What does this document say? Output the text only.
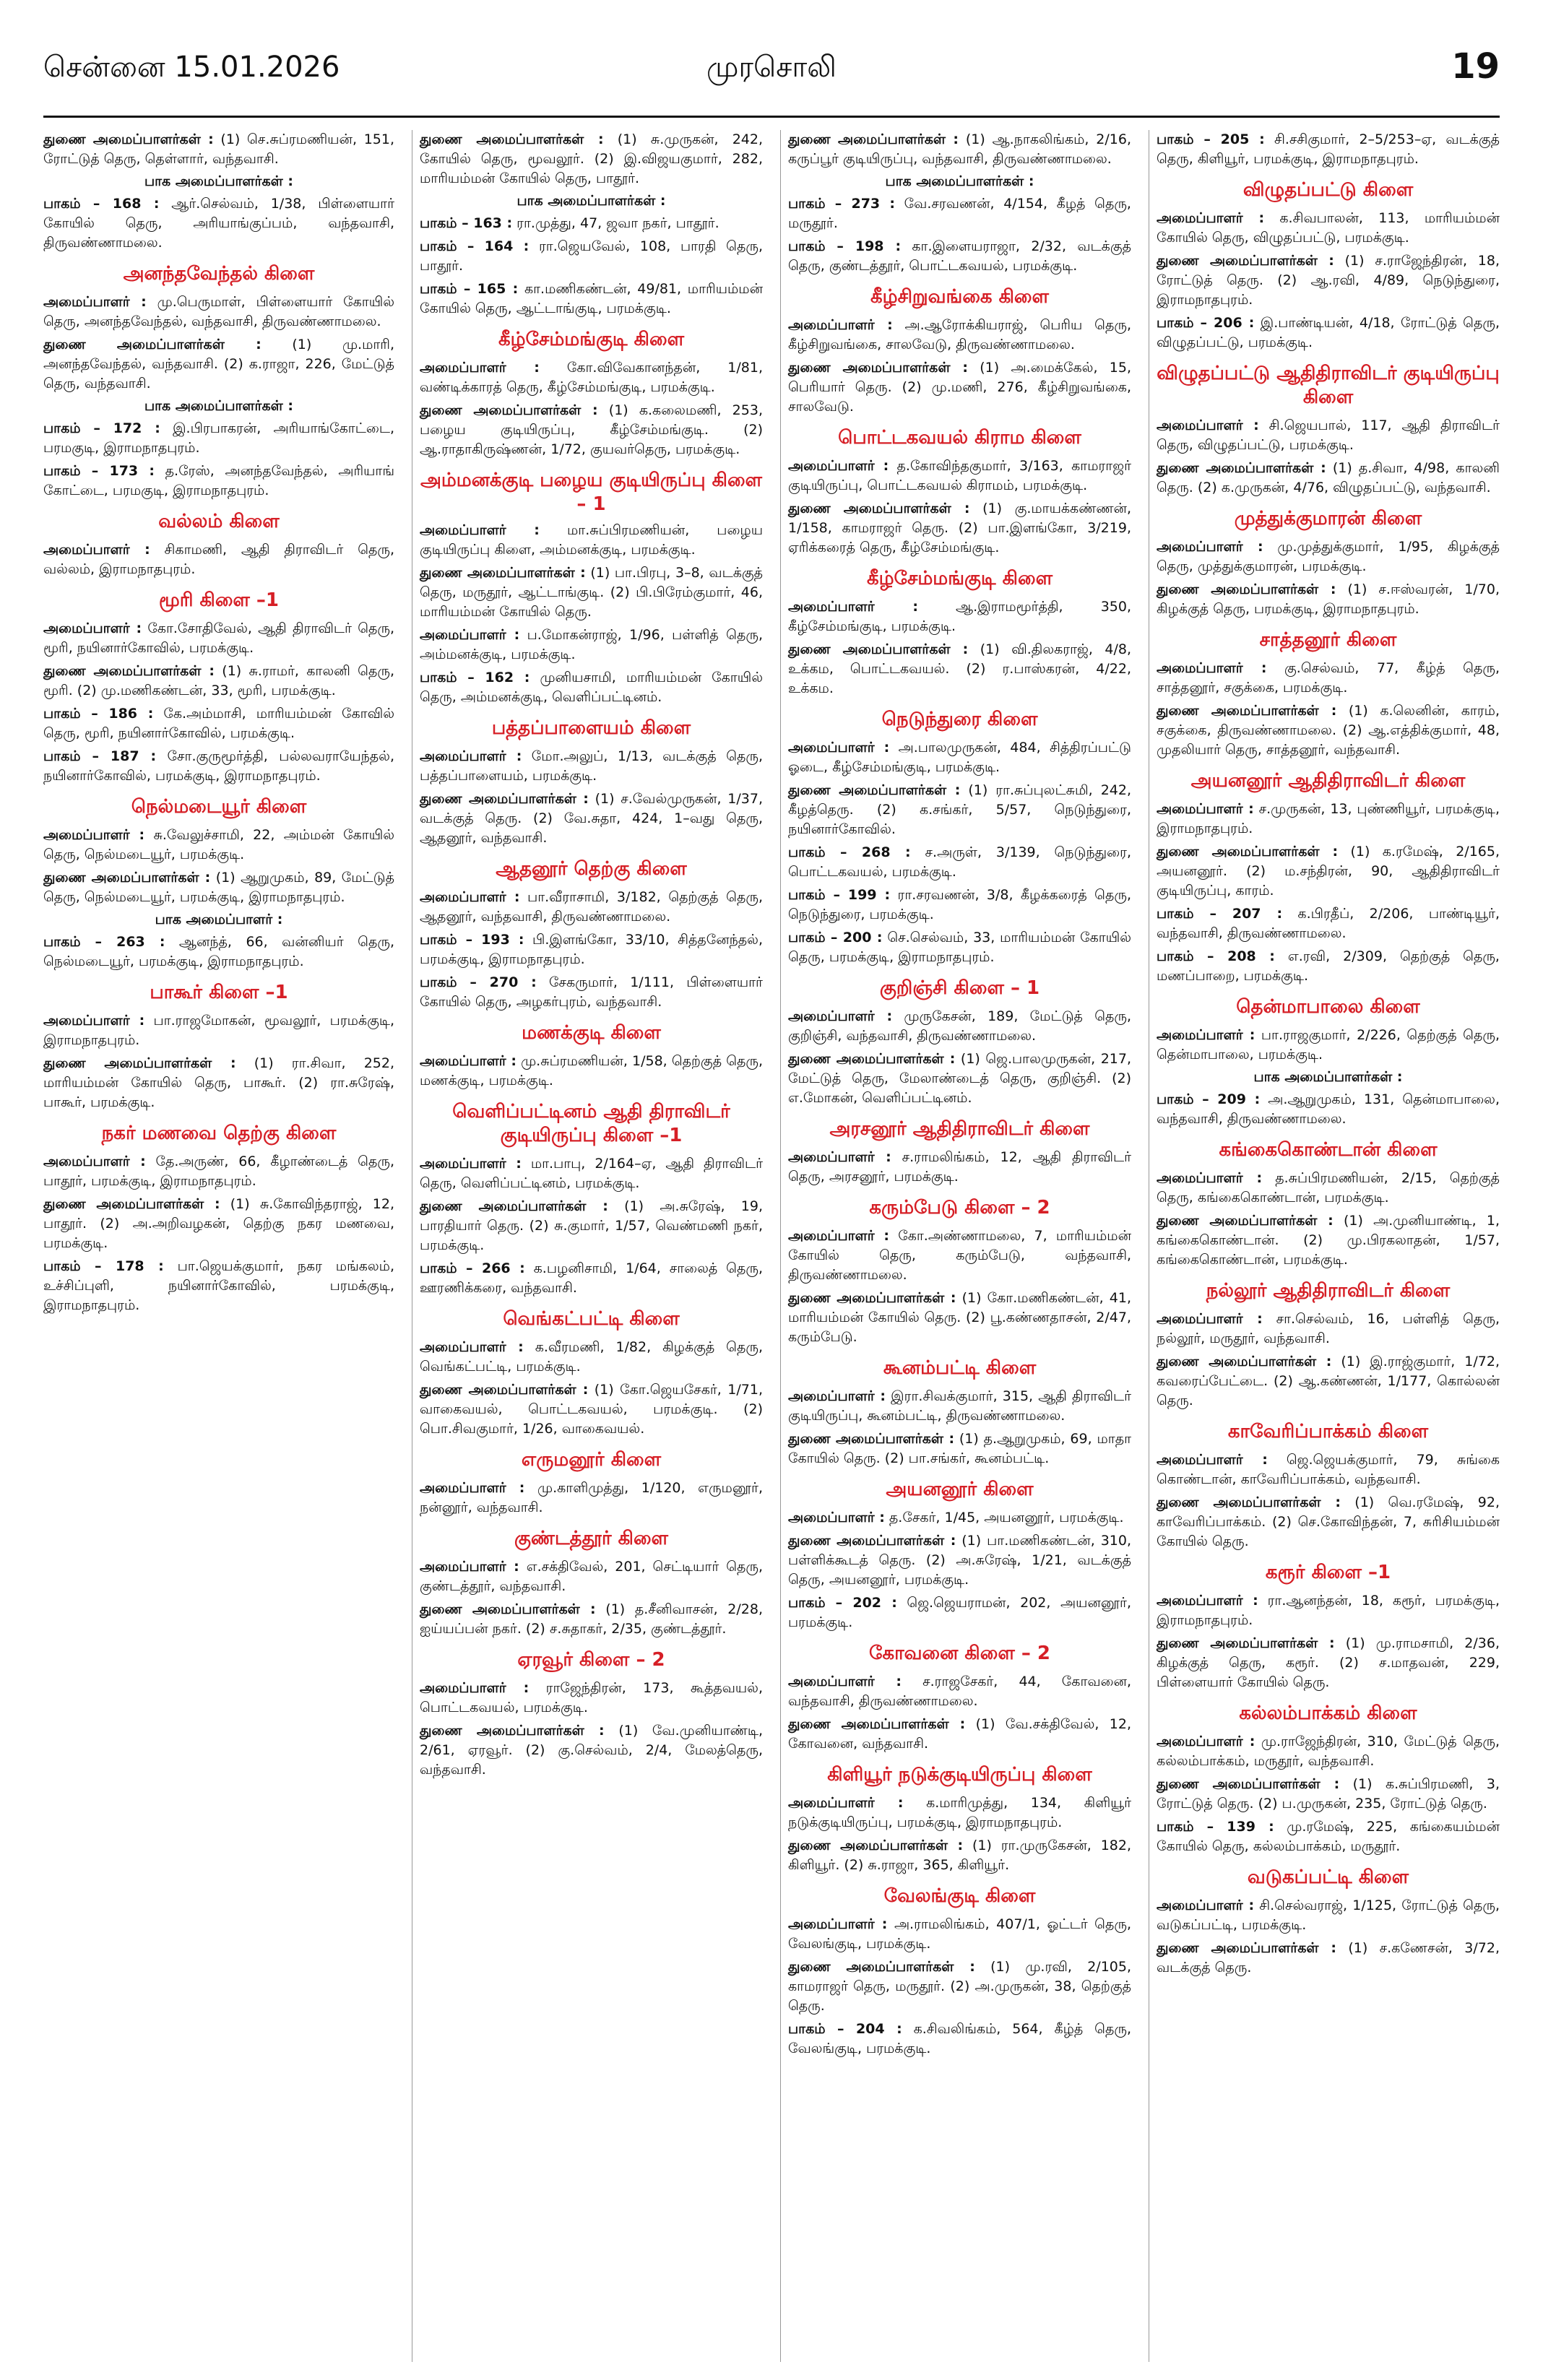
சென்னை 15.01.2026	முரசொலி	19
துணை அமைப்பாளர்கள் : (1) செ.சுப்ரமணியன், 151, ரோட்டுத் தெரு, தெள்ளார், வந்தவாசி.
பாக அமைப்பாளர்கள் :
பாகம் – 168 : ஆர்.செல்வம், 1/38, பிள்ளையார் கோயில் தெரு, அரியாங்குப்பம், வந்தவாசி, திருவண்ணாமலை.
அனந்தவேந்தல் கிளை
அமைப்பாளர் : மு.பெருமாள், பிள்ளையார் கோயில் தெரு, அனந்தவேந்தல், வந்தவாசி, திருவண்ணாமலை.
துணை அமைப்பாளர்கள் : (1) மு.மாரி, அனந்தவேந்தல், வந்தவாசி. (2) க.ராஜா, 226, மேட்டுத் தெரு, வந்தவாசி.
பாக அமைப்பாளர்கள் :
பாகம் – 172 : இ.பிரபாகரன், அரியாங்கோட்டை, பரமகுடி, இராமநாதபுரம்.
பாகம் – 173 : த.ரேஸ், அனந்தவேந்தல், அரியாங் கோட்டை, பரமகுடி, இராமநாதபுரம்.
வல்லம் கிளை
அமைப்பாளர் : சிகாமணி, ஆதி திராவிடர் தெரு, வல்லம், இராமநாதபுரம்.
மூரி கிளை –1
அமைப்பாளர் : கோ.சோதிவேல், ஆதி திராவிடர் தெரு, மூரி, நயினார்கோவில், பரமக்குடி.
துணை அமைப்பாளர்கள் : (1) சு.ராமர், காலனி தெரு, மூரி. (2) மு.மணிகண்டன், 33, மூரி, பரமக்குடி.
பாகம் – 186 : கே.அம்மாசி, மாரியம்மன் கோவில் தெரு, மூரி, நயினார்கோவில், பரமக்குடி.
பாகம் – 187 : சோ.குருமூர்த்தி, பல்லவராயேந்தல், நயினார்கோவில், பரமக்குடி, இராமநாதபுரம்.
நெல்மடையூர் கிளை
அமைப்பாளர் : சு.வேலுச்சாமி, 22, அம்மன் கோயில் தெரு, நெல்மடையூர், பரமக்குடி.
துணை அமைப்பாளர்கள் : (1) ஆறுமுகம், 89, மேட்டுத் தெரு, நெல்மடையூர், பரமக்குடி, இராமநாதபுரம்.
பாக அமைப்பாளர் :
பாகம் – 263 : ஆனந்த், 66, வன்னியர் தெரு, நெல்மடையூர், பரமக்குடி, இராமநாதபுரம்.
பாகூர் கிளை –1
அமைப்பாளர் : பா.ராஜமோகன், மூவலூர், பரமக்குடி, இராமநாதபுரம்.
துணை அமைப்பாளர்கள் : (1) ரா.சிவா, 252, மாரியம்மன் கோயில் தெரு, பாகூர். (2) ரா.சுரேஷ், பாகூர், பரமக்குடி.
நகர் மணவை தெற்கு கிளை
அமைப்பாளர் : தே.அருண், 66, கீழாண்டைத் தெரு, பாதூர், பரமக்குடி, இராமநாதபுரம்.
துணை அமைப்பாளர்கள் : (1) சு.கோவிந்தராஜ், 12, பாதூர். (2) அ.அறிவழகன், தெற்கு நகர மணவை, பரமக்குடி.
பாகம் – 178 : பா.ஜெயக்குமார், நகர மங்கலம், உச்சிப்புளி, நயினார்கோவில், பரமக்குடி, இராமநாதபுரம்.
துணை அமைப்பாளர்கள் : (1) சு.முருகன், 242, கோயில் தெரு, மூவலூர். (2) இ.விஜயகுமார், 282, மாரியம்மன் கோயில் தெரு, பாதூர்.
பாக அமைப்பாளர்கள் :
பாகம் – 163 : ரா.முத்து, 47, ஜவா நகர், பாதூர்.
பாகம் – 164 : ரா.ஜெயவேல், 108, பாரதி தெரு, பாதூர்.
பாகம் – 165 : கா.மணிகண்டன், 49/81, மாரியம்மன் கோயில் தெரு, ஆட்டாங்குடி, பரமக்குடி.
கீழ்சேம்மங்குடி கிளை
அமைப்பாளர் : கோ.விவேகானந்தன், 1/81, வண்டிக்காரத் தெரு, கீழ்சேம்மங்குடி, பரமக்குடி.
துணை அமைப்பாளர்கள் : (1) க.கலைமணி, 253, பழைய குடியிருப்பு, கீழ்சேம்மங்குடி. (2) ஆ.ராதாகிருஷ்ணன், 1/72, குயவர்தெரு, பரமக்குடி.
அம்மனக்குடி பழைய குடியிருப்பு கிளை – 1
அமைப்பாளர் : மா.சுப்பிரமணியன், பழைய குடியிருப்பு கிளை, அம்மனக்குடி, பரமக்குடி.
துணை அமைப்பாளர்கள் : (1) பா.பிரபு, 3–8, வடக்குத் தெரு, மருதூர், ஆட்டாங்குடி. (2) பி.பிரேம்குமார், 46, மாரியம்மன் கோயில் தெரு.
அமைப்பாளர் : ப.மோகன்ராஜ், 1/96, பள்ளித் தெரு, அம்மனக்குடி, பரமக்குடி.
பாகம் – 162 : முனியசாமி, மாரியம்மன் கோயில் தெரு, அம்மனக்குடி, வெளிப்பட்டினம்.
பத்தப்பாளையம் கிளை
அமைப்பாளர் : மோ.அலுப், 1/13, வடக்குத் தெரு, பத்தப்பாளையம், பரமக்குடி.
துணை அமைப்பாளர்கள் : (1) ச.வேல்முருகன், 1/37, வடக்குத் தெரு. (2) வே.சுதா, 424, 1–வது தெரு, ஆதனூர், வந்தவாசி.
ஆதனூர் தெற்கு கிளை
அமைப்பாளர் : பா.வீராசாமி, 3/182, தெற்குத் தெரு, ஆதனூர், வந்தவாசி, திருவண்ணாமலை.
பாகம் – 193 : பி.இளங்கோ, 33/10, சித்தனேந்தல், பரமக்குடி, இராமநாதபுரம்.
பாகம் – 270 : சேகருமார், 1/111, பிள்ளையார் கோயில் தெரு, அழகர்புரம், வந்தவாசி.
மணக்குடி கிளை
அமைப்பாளர் : மு.சுப்ரமணியன், 1/58, தெற்குத் தெரு, மணக்குடி, பரமக்குடி.
வெளிப்பட்டினம் ஆதி திராவிடர் குடியிருப்பு கிளை –1
அமைப்பாளர் : மா.பாபு, 2/164–ஏ, ஆதி திராவிடர் தெரு, வெளிப்பட்டினம், பரமக்குடி.
துணை அமைப்பாளர்கள் : (1) அ.சுரேஷ், 19, பாரதியார் தெரு. (2) சு.குமார், 1/57, வெண்மணி நகர், பரமக்குடி.
பாகம் – 266 : க.பழனிசாமி, 1/64, சாலைத் தெரு, ஊரணிக்கரை, வந்தவாசி.
வெங்கட்பட்டி கிளை
அமைப்பாளர் : க.வீரமணி, 1/82, கிழக்குத் தெரு, வெங்கட்பட்டி, பரமக்குடி.
துணை அமைப்பாளர்கள் : (1) கோ.ஜெயசேகர், 1/71, வாகைவயல், பொட்டகவயல், பரமக்குடி. (2) பொ.சிவகுமார், 1/26, வாகைவயல்.
எருமனூர் கிளை
அமைப்பாளர் : மு.காளிமுத்து, 1/120, எருமனூர், நன்னூர், வந்தவாசி.
குண்டத்தூர் கிளை
அமைப்பாளர் : எ.சக்திவேல், 201, செட்டியார் தெரு, குண்டத்தூர், வந்தவாசி.
துணை அமைப்பாளர்கள் : (1) த.சீனிவாசன், 2/28, ஐய்யப்பன் நகர். (2) ச.சுதாகர், 2/35, குண்டத்தூர்.
ஏரவூர் கிளை – 2
அமைப்பாளர் : ராஜேந்திரன், 173, கூத்தவயல், பொட்டகவயல், பரமக்குடி.
துணை அமைப்பாளர்கள் : (1) வே.முனியாண்டி, 2/61, ஏரவூர். (2) கு.செல்வம், 2/4, மேலத்தெரு, வந்தவாசி.
துணை அமைப்பாளர்கள் : (1) ஆ.நாகலிங்கம், 2/16, கருப்பூர் குடியிருப்பு, வந்தவாசி, திருவண்ணாமலை.
பாக அமைப்பாளர்கள் :
பாகம் – 273 : வே.சரவணன், 4/154, கீழத் தெரு, மருதூர்.
பாகம் – 198 : கா.இளையராஜா, 2/32, வடக்குத் தெரு, குண்டத்தூர், பொட்டகவயல், பரமக்குடி.
கீழ்சிறுவங்கை கிளை
அமைப்பாளர் : அ.ஆரோக்கியராஜ், பெரிய தெரு, கீழ்சிறுவங்கை, சாலவேடு, திருவண்ணாமலை.
துணை அமைப்பாளர்கள் : (1) அ.மைக்கேல், 15, பெரியார் தெரு. (2) மு.மணி, 276, கீழ்சிறுவங்கை, சாலவேடு.
பொட்டகவயல் கிராம கிளை
அமைப்பாளர் : த.கோவிந்தகுமார், 3/163, காமராஜர் குடியிருப்பு, பொட்டகவயல் கிராமம், பரமக்குடி.
துணை அமைப்பாளர்கள் : (1) கு.மாயக்கண்ணன், 1/158, காமராஜர் தெரு. (2) பா.இளங்கோ, 3/219, ஏரிக்கரைத் தெரு, கீழ்சேம்மங்குடி.
கீழ்சேம்மங்குடி கிளை
அமைப்பாளர் : ஆ.இராமமூர்த்தி, 350, கீழ்சேம்மங்குடி, பரமக்குடி.
துணை அமைப்பாளர்கள் : (1) வி.திலகராஜ், 4/8, உக்கம, பொட்டகவயல். (2) ர.பாஸ்கரன், 4/22, உக்கம.
நெடுந்துரை கிளை
அமைப்பாளர் : அ.பாலமுருகன், 484, சித்திரப்பட்டு ஓடை, கீழ்சேம்மங்குடி, பரமக்குடி.
துணை அமைப்பாளர்கள் : (1) ரா.சுப்புலட்சுமி, 242, கீழத்தெரு. (2) க.சங்கர், 5/57, நெடுந்துரை, நயினார்கோவில்.
பாகம் – 268 : ச.அருள், 3/139, நெடுந்துரை, பொட்டகவயல், பரமக்குடி.
பாகம் – 199 : ரா.சரவணன், 3/8, கீழக்கரைத் தெரு, நெடுந்துரை, பரமக்குடி.
பாகம் – 200 : செ.செல்வம், 33, மாரியம்மன் கோயில் தெரு, பரமக்குடி, இராமநாதபுரம்.
குறிஞ்சி கிளை – 1
அமைப்பாளர் : முருகேசன், 189, மேட்டுத் தெரு, குறிஞ்சி, வந்தவாசி, திருவண்ணாமலை.
துணை அமைப்பாளர்கள் : (1) ஜெ.பாலமுருகன், 217, மேட்டுத் தெரு, மேலாண்டைத் தெரு, குறிஞ்சி. (2) எ.மோகன், வெளிப்பட்டினம்.
அரசனூர் ஆதிதிராவிடர் கிளை
அமைப்பாளர் : ச.ராமலிங்கம், 12, ஆதி திராவிடர் தெரு, அரசனூர், பரமக்குடி.
கரும்பேடு கிளை – 2
அமைப்பாளர் : கோ.அண்ணாமலை, 7, மாரியம்மன் கோயில் தெரு, கரும்பேடு, வந்தவாசி, திருவண்ணாமலை.
துணை அமைப்பாளர்கள் : (1) கோ.மணிகண்டன், 41, மாரியம்மன் கோயில் தெரு. (2) பூ.கண்ணதாசன், 2/47, கரும்பேடு.
கூனம்பட்டி கிளை
அமைப்பாளர் : இரா.சிவக்குமார், 315, ஆதி திராவிடர் குடியிருப்பு, கூனம்பட்டி, திருவண்ணாமலை.
துணை அமைப்பாளர்கள் : (1) த.ஆறுமுகம், 69, மாதா கோயில் தெரு. (2) பா.சங்கர், கூனம்பட்டி.
அயனனூர் கிளை
அமைப்பாளர் : த.சேகர், 1/45, அயனனூர், பரமக்குடி.
துணை அமைப்பாளர்கள் : (1) பா.மணிகண்டன், 310, பள்ளிக்கூடத் தெரு. (2) அ.சுரேஷ், 1/21, வடக்குத் தெரு, அயனனூர், பரமக்குடி.
பாகம் – 202 : ஜெ.ஜெயராமன், 202, அயனனூர், பரமக்குடி.
கோவனை கிளை – 2
அமைப்பாளர் : ச.ராஜசேகர், 44, கோவனை, வந்தவாசி, திருவண்ணாமலை.
துணை அமைப்பாளர்கள் : (1) வே.சக்திவேல், 12, கோவனை, வந்தவாசி.
கிளியூர் நடுக்குடியிருப்பு கிளை
அமைப்பாளர் : க.மாரிமுத்து, 134, கிளியூர் நடுக்குடியிருப்பு, பரமக்குடி, இராமநாதபுரம்.
துணை அமைப்பாளர்கள் : (1) ரா.முருகேசன், 182, கிளியூர். (2) சு.ராஜா, 365, கிளியூர்.
வேலங்குடி கிளை
அமைப்பாளர் : அ.ராமலிங்கம், 407/1, ஓட்டர் தெரு, வேலங்குடி, பரமக்குடி.
துணை அமைப்பாளர்கள் : (1) மு.ரவி, 2/105, காமராஜர் தெரு, மருதூர். (2) அ.முருகன், 38, தெற்குத் தெரு.
பாகம் – 204 : க.சிவலிங்கம், 564, கீழ்த் தெரு, வேலங்குடி, பரமக்குடி.
பாகம் – 205 : சி.சசிகுமார், 2–5/253–ஏ, வடக்குத் தெரு, கிளியூர், பரமக்குடி, இராமநாதபுரம்.
விழுதப்பட்டு கிளை
அமைப்பாளர் : க.சிவபாலன், 113, மாரியம்மன் கோயில் தெரு, விழுதப்பட்டு, பரமக்குடி.
துணை அமைப்பாளர்கள் : (1) ச.ராஜேந்திரன், 18, ரோட்டுத் தெரு. (2) ஆ.ரவி, 4/89, நெடுந்துரை, இராமநாதபுரம்.
பாகம் – 206 : இ.பாண்டியன், 4/18, ரோட்டுத் தெரு, விழுதப்பட்டு, பரமக்குடி.
விழுதப்பட்டு ஆதிதிராவிடர் குடியிருப்பு கிளை
அமைப்பாளர் : சி.ஜெயபால், 117, ஆதி திராவிடர் தெரு, விழுதப்பட்டு, பரமக்குடி.
துணை அமைப்பாளர்கள் : (1) த.சிவா, 4/98, காலனி தெரு. (2) க.முருகன், 4/76, விழுதப்பட்டு, வந்தவாசி.
முத்துக்குமாரன் கிளை
அமைப்பாளர் : மு.முத்துக்குமார், 1/95, கிழக்குத் தெரு, முத்துக்குமாரன், பரமக்குடி.
துணை அமைப்பாளர்கள் : (1) ச.ஈஸ்வரன், 1/70, கிழக்குத் தெரு, பரமக்குடி, இராமநாதபுரம்.
சாத்தனூர் கிளை
அமைப்பாளர் : கு.செல்வம், 77, கீழ்த் தெரு, சாத்தனூர், சகுக்கை, பரமக்குடி.
துணை அமைப்பாளர்கள் : (1) க.லெனின், காரம், சகுக்கை, திருவண்ணாமலை. (2) ஆ.எத்திக்குமார், 48, முதலியார் தெரு, சாத்தனூர், வந்தவாசி.
அயனனூர் ஆதிதிராவிடர் கிளை
அமைப்பாளர் : ச.முருகன், 13, புண்ணியூர், பரமக்குடி, இராமநாதபுரம்.
துணை அமைப்பாளர்கள் : (1) க.ரமேஷ், 2/165, அயனனூர். (2) ம.சந்திரன், 90, ஆதிதிராவிடர் குடியிருப்பு, காரம்.
பாகம் – 207 : க.பிரதீப், 2/206, பாண்டியூர், வந்தவாசி, திருவண்ணாமலை.
பாகம் – 208 : எ.ரவி, 2/309, தெற்குத் தெரு, மணப்பாறை, பரமக்குடி.
தென்மாபாலை கிளை
அமைப்பாளர் : பா.ராஜகுமார், 2/226, தெற்குத் தெரு, தென்மாபாலை, பரமக்குடி.
பாக அமைப்பாளர்கள் :
பாகம் – 209 : அ.ஆறுமுகம், 131, தென்மாபாலை, வந்தவாசி, திருவண்ணாமலை.
கங்கைகொண்டான் கிளை
அமைப்பாளர் : த.சுப்பிரமணியன், 2/15, தெற்குத் தெரு, கங்கைகொண்டான், பரமக்குடி.
துணை அமைப்பாளர்கள் : (1) அ.முனியாண்டி, 1, கங்கைகொண்டான். (2) மு.பிரகலாதன், 1/57, கங்கைகொண்டான், பரமக்குடி.
நல்லூர் ஆதிதிராவிடர் கிளை
அமைப்பாளர் : சா.செல்வம், 16, பள்ளித் தெரு, நல்லூர், மருதூர், வந்தவாசி.
துணை அமைப்பாளர்கள் : (1) இ.ராஜ்குமார், 1/72, கவரைப்பேட்டை. (2) ஆ.கண்ணன், 1/177, கொல்லன் தெரு.
காவேரிப்பாக்கம் கிளை
அமைப்பாளர் : ஜெ.ஜெயக்குமார், 79, சுங்கை கொண்டான், காவேரிப்பாக்கம், வந்தவாசி.
துணை அமைப்பாளர்கள் : (1) வெ.ரமேஷ், 92, காவேரிப்பாக்கம். (2) செ.கோவிந்தன், 7, சுரிசியம்மன் கோயில் தெரு.
கரூர் கிளை –1
அமைப்பாளர் : ரா.ஆனந்தன், 18, கரூர், பரமக்குடி, இராமநாதபுரம்.
துணை அமைப்பாளர்கள் : (1) மு.ராமசாமி, 2/36, கிழக்குத் தெரு, கரூர். (2) ச.மாதவன், 229, பிள்ளையார் கோயில் தெரு.
கல்லம்பாக்கம் கிளை
அமைப்பாளர் : மு.ராஜேந்திரன், 310, மேட்டுத் தெரு, கல்லம்பாக்கம், மருதூர், வந்தவாசி.
துணை அமைப்பாளர்கள் : (1) க.சுப்பிரமணி, 3, ரோட்டுத் தெரு. (2) ப.முருகன், 235, ரோட்டுத் தெரு.
பாகம் – 139 : மு.ரமேஷ், 225, கங்கையம்மன் கோயில் தெரு, கல்லம்பாக்கம், மருதூர்.
வடுகப்பட்டி கிளை
அமைப்பாளர் : சி.செல்வராஜ், 1/125, ரோட்டுத் தெரு, வடுகப்பட்டி, பரமக்குடி.
துணை அமைப்பாளர்கள் : (1) ச.கணேசன், 3/72, வடக்குத் தெரு.
